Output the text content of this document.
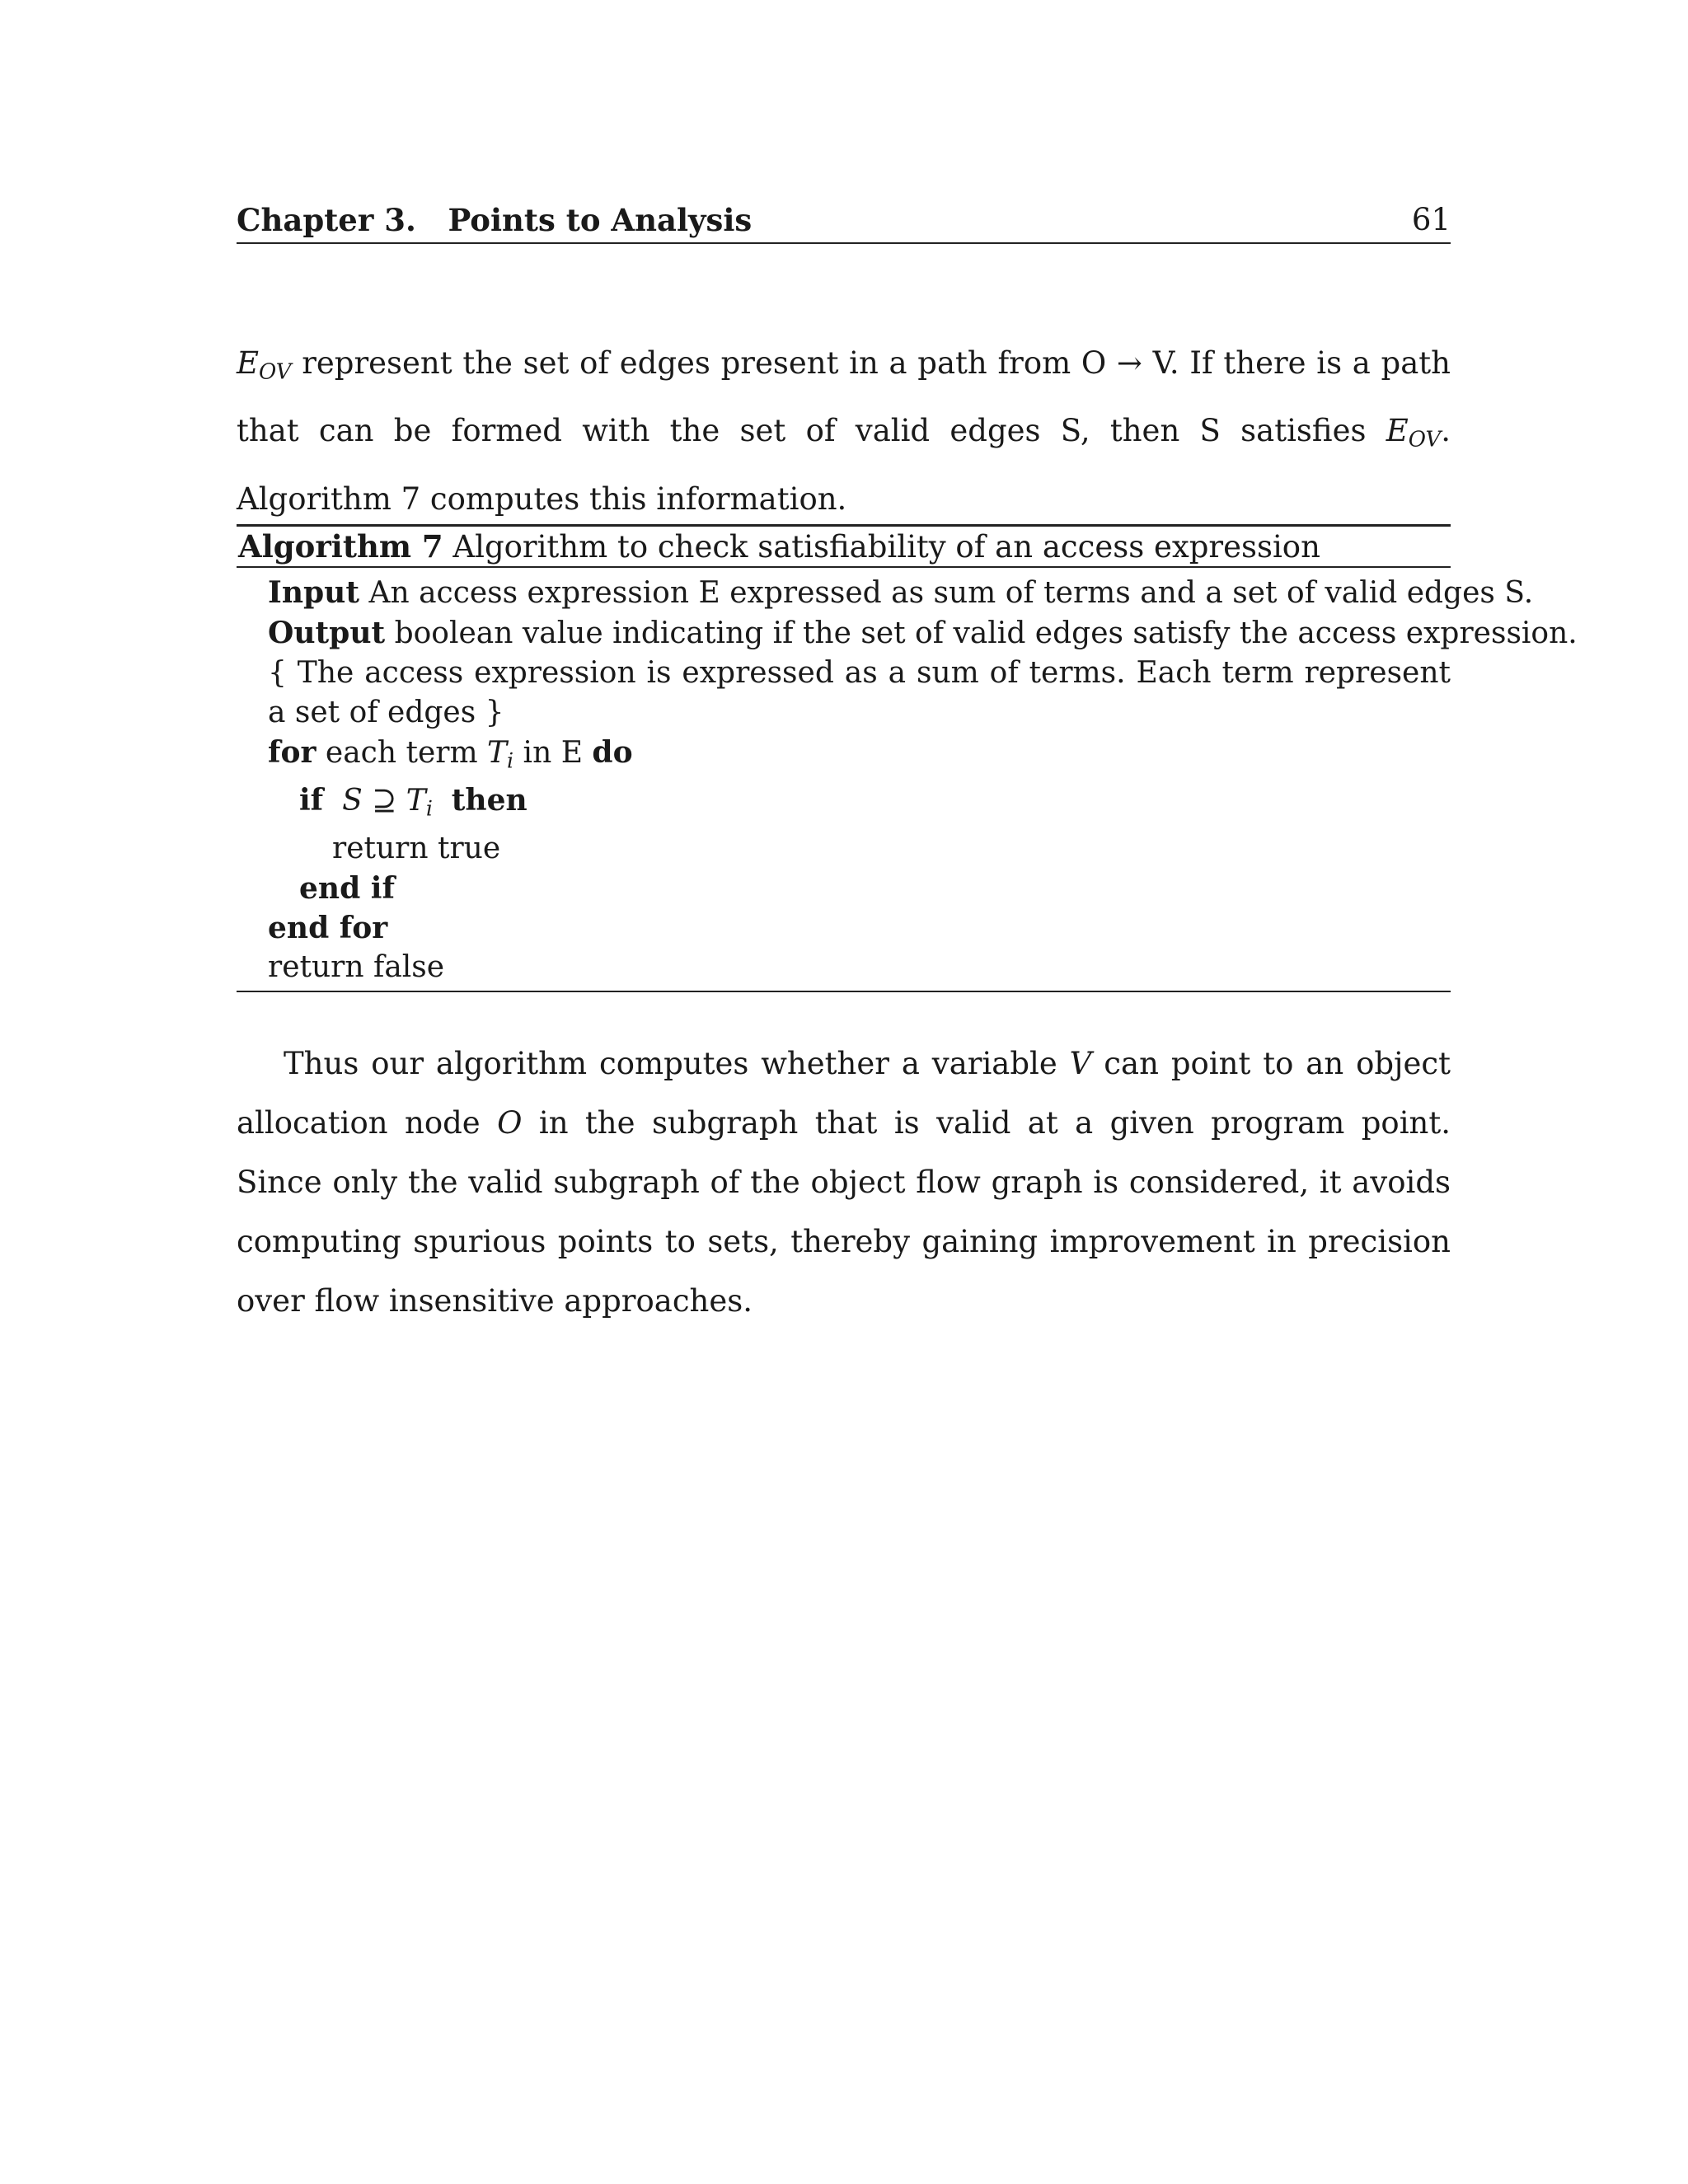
Chapter 3.   Points to Analysis	61
$E_{OV}$ represent the set of edges present in a path from O → V. If there is a path that can be formed with the set of valid edges S, then S satisfies $E_{OV}$. Algorithm 7 computes this information.
Algorithm 7 Algorithm to check satisfiability of an access expression
Input An access expression E expressed as sum of terms and a set of valid edges S.
Output boolean value indicating if the set of valid edges satisfy the access expression.
{ The access expression is expressed as a sum of terms. Each term represent a set of edges }
for each term Ti in E do
if S ⊇ Ti then
return true
end if
end for
return false
Thus our algorithm computes whether a variable V can point to an object allocation node O in the subgraph that is valid at a given program point. Since only the valid subgraph of the object flow graph is considered, it avoids computing spurious points to sets, thereby gaining improvement in precision over flow insensitive approaches.
